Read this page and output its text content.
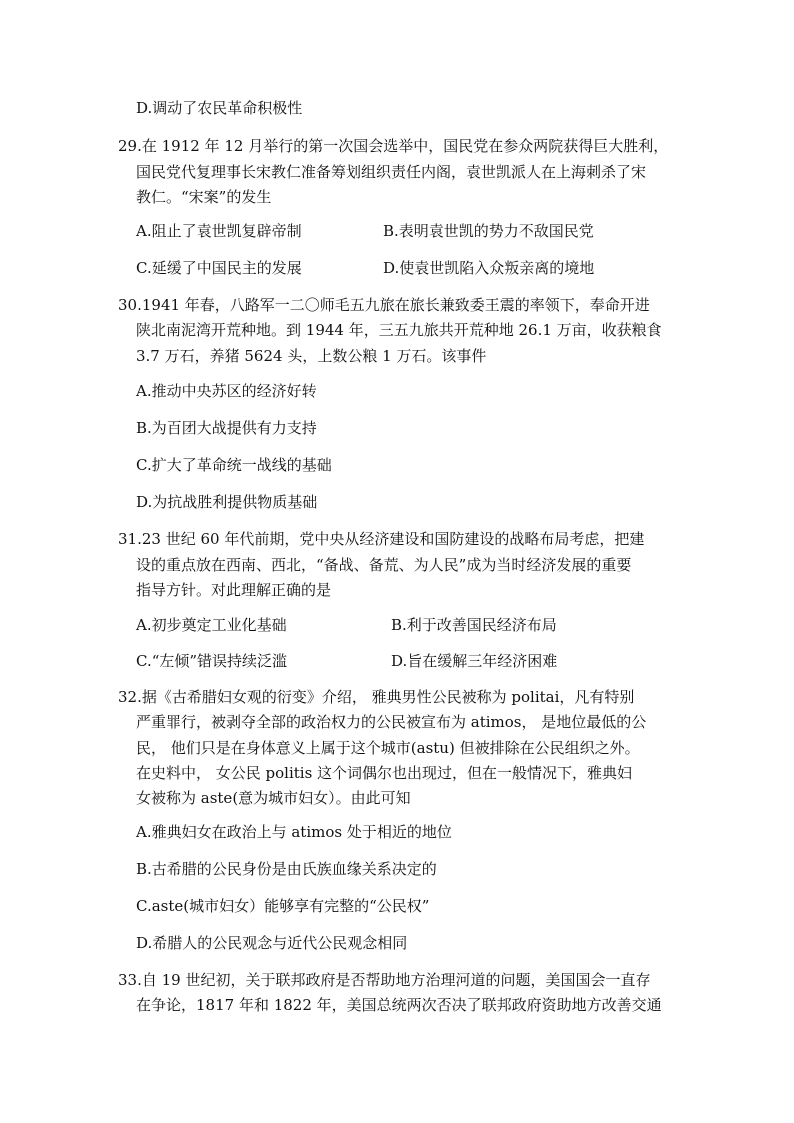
D.调动了农民革命积极性
29.在 1912 年 12 月举行的第一次国会选举中，国民党在参众两院获得巨大胜利，
国民党代复理事长宋教仁准备筹划组织责任内阁，袁世凯派人在上海刺杀了宋
教仁。“宋案”的发生
A.阻止了袁世凯复辟帝制	B.表明袁世凯的势力不敌国民党
C.延缓了中国民主的发展	D.使袁世凯陷入众叛亲离的境地
30.1941 年春，八路军一二〇师毛五九旅在旅长兼致委王震的率领下，奉命开进
陕北南泥湾开荒种地。到 1944 年，三五九旅共开荒种地 26.1 万亩，收获粮食
3.7 万石，养猪 5624 头，上数公粮 1 万石。该事件
A.推动中央苏区的经济好转
B.为百团大战提供有力支持
C.扩大了革命统一战线的基础
D.为抗战胜利提供物质基础
31.23 世纪 60 年代前期，党中央从经济建设和国防建设的战略布局考虑，把建
设的重点放在西南、西北，“备战、备荒、为人民”成为当时经济发展的重要
指导方针。对此理解正确的是
A.初步奠定工业化基础	B.利于改善国民经济布局
C.“左倾”错误持续泛滥	D.旨在缓解三年经济困难
32.据《古希腊妇女观的衍变》介绍， 雅典男性公民被称为 politai，凡有特别
严重罪行，被剥夺全部的政治权力的公民被宣布为 atimos， 是地位最低的公
民， 他们只是在身体意义上属于这个城市(astu) 但被排除在公民组织之外。
在史料中， 女公民 politis 这个词偶尔也出现过，但在一般情况下，雅典妇
女被称为 aste(意为城市妇女）。由此可知
A.雅典妇女在政治上与 atimos 处于相近的地位
B.古希腊的公民身份是由氏族血缘关系决定的
C.aste(城市妇女）能够享有完整的“公民权”
D.希腊人的公民观念与近代公民观念相同
33.自 19 世纪初，关于联邦政府是否帮助地方治理河道的问题，美国国会一直存
在争论，1817 年和 1822 年，美国总统两次否决了联邦政府资助地方改善交通
